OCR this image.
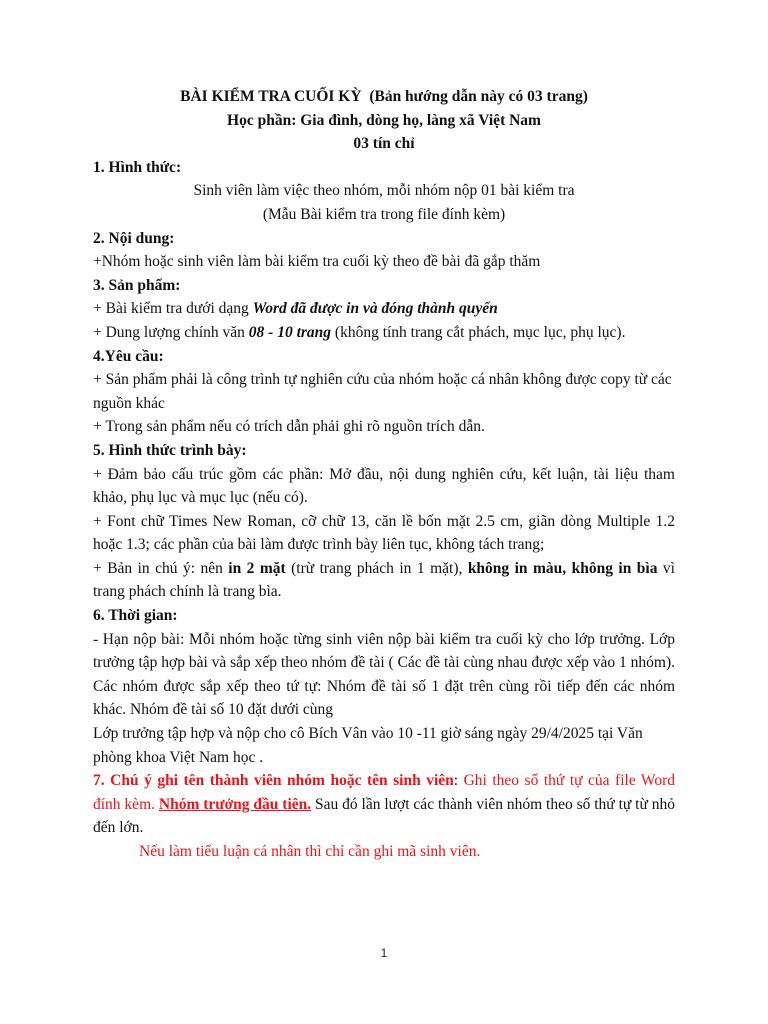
BÀI KIỂM TRA CUỐI KỲ (Bản hướng dẫn này có 03 trang)
Học phần: Gia đình, dòng họ, làng xã Việt Nam
03 tín chỉ
1. Hình thức:
Sinh viên làm việc theo nhóm, mỗi nhóm nộp 01 bài kiểm tra
(Mẫu Bài kiểm tra trong file đính kèm)
2. Nội dung:
+Nhóm hoặc sinh viên làm bài kiểm tra cuối kỳ theo đề bài đã gắp thăm
3. Sản phẩm:
+ Bài kiểm tra dưới dạng Word đã được in và đóng thành quyển
+ Dung lượng chính văn 08 - 10 trang (không tính trang cắt phách, mục lục, phụ lục).
4.Yêu cầu:
+ Sản phẩm phải là công trình tự nghiên cứu của nhóm hoặc cá nhân không được copy từ các nguồn khác
+ Trong sản phẩm nếu có trích dẫn phải ghi rõ nguồn trích dẫn.
5. Hình thức trình bày:
+ Đảm bảo cấu trúc gồm các phần: Mở đầu, nội dung nghiên cứu, kết luận, tài liệu tham khảo, phụ lục và mục lục (nếu có).
+ Font chữ Times New Roman, cỡ chữ 13, căn lề bốn mặt 2.5 cm, giãn dòng Multiple 1.2 hoặc 1.3; các phần của bài làm được trình bày liên tục, không tách trang;
+ Bản in chú ý: nên in 2 mặt (trừ trang phách in 1 mặt), không in màu, không in bìa vì trang phách chính là trang bìa.
6. Thời gian:
- Hạn nộp bài: Mỗi nhóm hoặc từng sinh viên nộp bài kiểm tra cuối kỳ cho lớp trưởng. Lớp trưởng tập hợp bài và sắp xếp theo nhóm đề tài ( Các đề tài cùng nhau được xếp vào 1 nhóm). Các nhóm được sắp xếp theo tứ tự: Nhóm đề tài số 1 đặt trên cùng rồi tiếp đến các nhóm khác. Nhóm đề tài số 10 đặt dưới cùng
Lớp trưởng tập hợp và nộp cho cô Bích Vân vào 10 -11 giờ sáng ngày 29/4/2025 tại Văn phòng khoa Việt Nam học .
7. Chú ý ghi tên thành viên nhóm hoặc tên sinh viên: Ghi theo số thứ tự của file Word đính kèm. Nhóm trưởng đầu tiên. Sau đó lần lượt các thành viên nhóm theo số thứ tự từ nhỏ đến lớn.
Nếu làm tiểu luận cá nhân thì chỉ cần ghi mã sinh viên.
1
